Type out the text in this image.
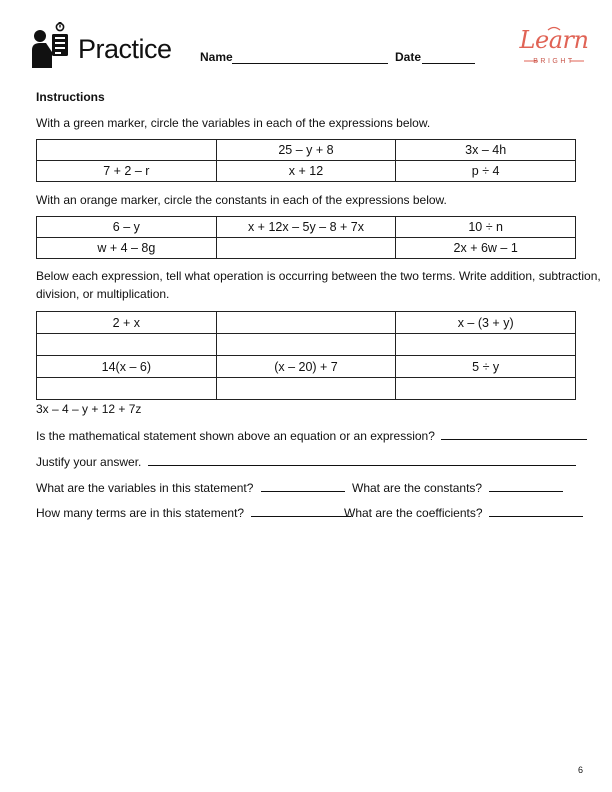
Practice Name	Date
Learn
BRIGHT
Instructions
With a green marker, circle the variables in each of the expressions below.
	25 – y + 8	3x – 4h
7 + 2 – r	x + 12	p ÷ 4
With an orange marker, circle the constants in each of the expressions below.
6 – y	x + 12x – 5y – 8 + 7x	10 ÷ n
w + 4 – 8g		2x + 6w – 1
Below each expression, tell what operation is occurring between the two terms. Write addition, subtraction,
division, or multiplication.
2 + x		x – (3 + y)

14(x – 6)	(x – 20) + 7	5 ÷ y

3x – 4 – y + 12 + 7z
Is the mathematical statement shown above an equation or an expression?
Justify your answer.
What are the variables in this statement?	What are the constants?
How many terms are in this statement?	What are the coefficients?
6
